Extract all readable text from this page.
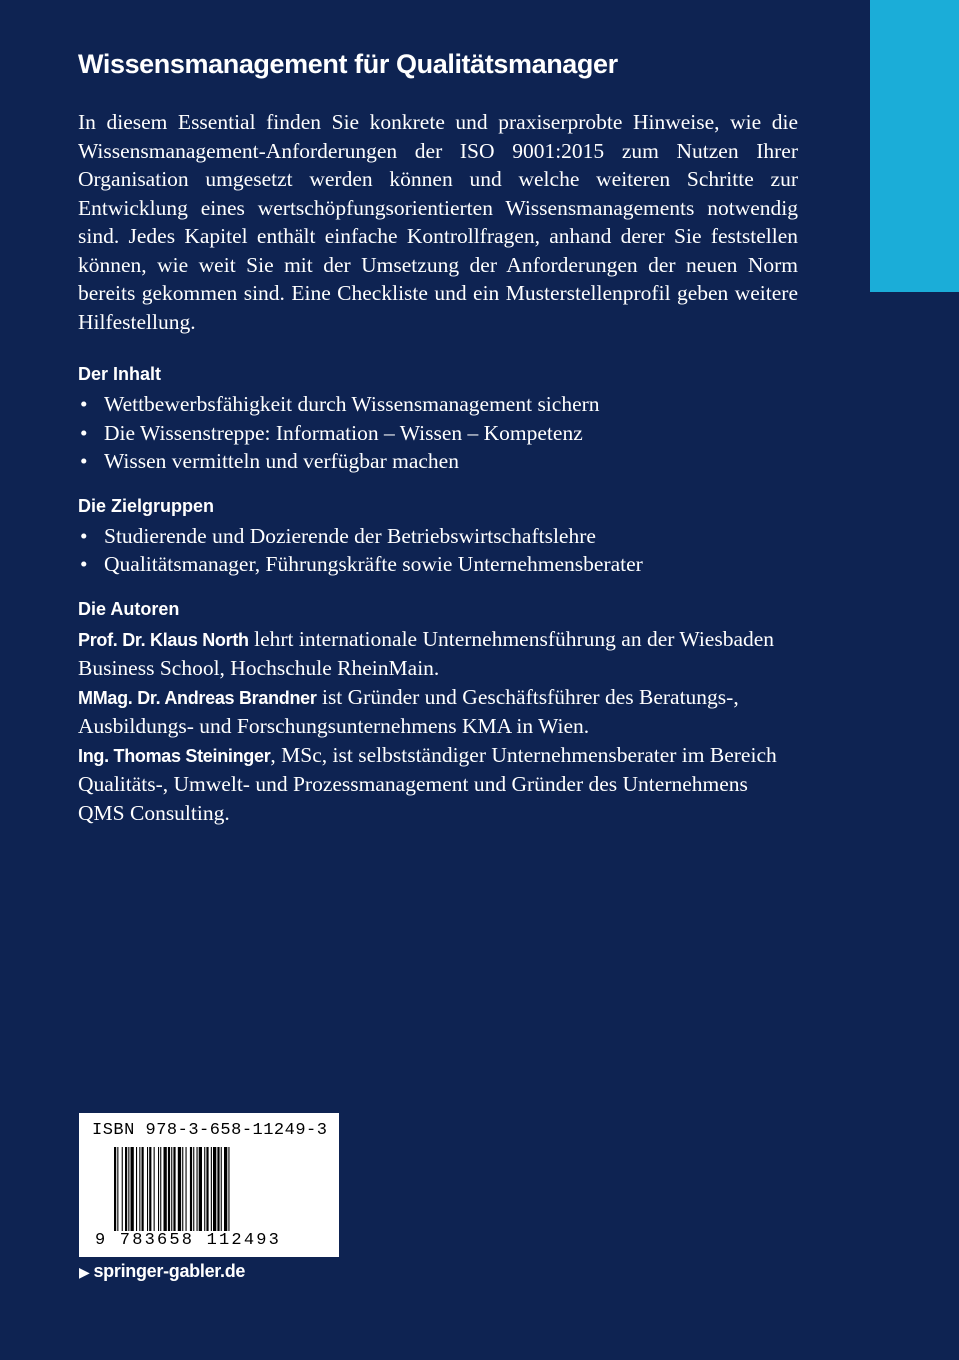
Wissensmanagement für Qualitätsmanager

In diesem Essential finden Sie konkrete und praxiserprobte Hinweise, wie die Wissensmanagement-Anforderungen der ISO 9001:2015 zum Nutzen Ihrer Organisation umgesetzt werden können und welche weiteren Schritte zur Entwicklung eines wertschöpfungsorientierten Wissensmanagements notwendig sind. Jedes Kapitel enthält einfache Kontrollfragen, anhand derer Sie feststellen können, wie weit Sie mit der Umsetzung der Anforderungen der neuen Norm bereits gekommen sind. Eine Checkliste und ein Musterstellenprofil geben weitere Hilfestellung.

Der Inhalt
• Wettbewerbsfähigkeit durch Wissensmanagement sichern
• Die Wissenstreppe: Information – Wissen – Kompetenz
• Wissen vermitteln und verfügbar machen
Die Zielgruppen
• Studierende und Dozierende der Betriebswirtschaftslehre
• Qualitätsmanager, Führungskräfte sowie Unternehmensberater
Die Autoren

Prof. Dr. Klaus North lehrt internationale Unternehmensführung an der Wiesbaden Business School, Hochschule RheinMain.

MMag. Dr. Andreas Brandner ist Gründer und Geschäftsführer des Beratungs-, Ausbildungs- und Forschungsunternehmens KMA in Wien.

Ing. Thomas Steininger, MSc, ist selbstständiger Unternehmensberater im Bereich Qualitäts-, Umwelt- und Prozessmanagement und Gründer des Unternehmens QMS Consulting.

ISBN 978-3-658-11249-3
9 783658 112493
▶ springer-gabler.de
